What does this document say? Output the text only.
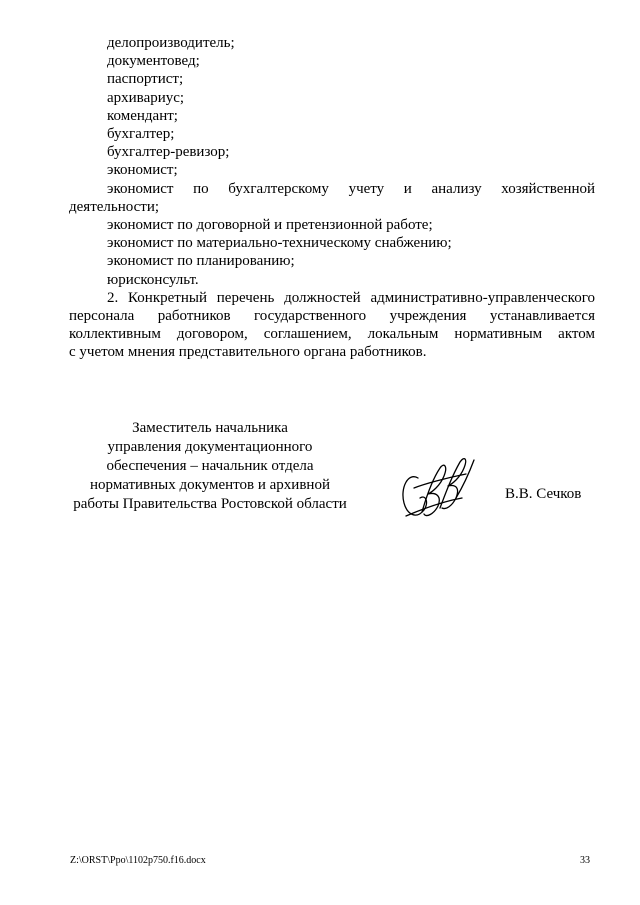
делопроизводитель;
документовед;
паспортист;
архивариус;
комендант;
бухгалтер;
бухгалтер-ревизор;
экономист;
экономист по бухгалтерскому учету и анализу хозяйственной
деятельности;
экономист по договорной и претензионной работе;
экономист по материально-техническому снабжению;
экономист по планированию;
юрисконсульт.
2. Конкретный перечень должностей административно-управленческого
персонала работников государственного учреждения устанавливается
коллективным договором, соглашением, локальным нормативным актом
с учетом мнения представительного органа работников.
Заместитель начальника
управления документационного
обеспечения – начальник отдела
нормативных документов и архивной
работы Правительства Ростовской области
В.В. Сечков
Z:\ORST\Ppo\1102p750.f16.docx	33
